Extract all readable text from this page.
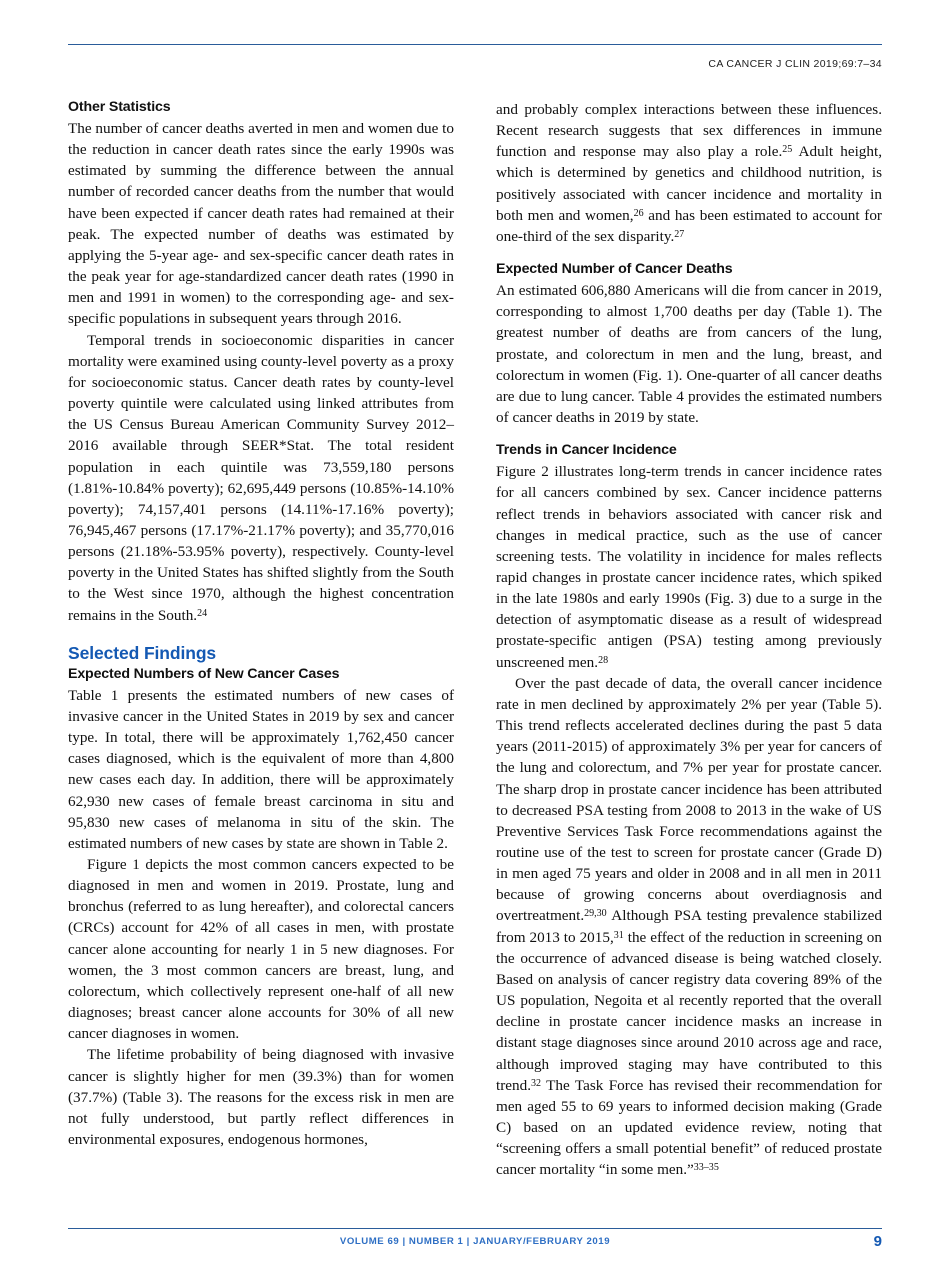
CA CANCER J CLIN 2019;69:7–34
Other Statistics

The number of cancer deaths averted in men and women due to the reduction in cancer death rates since the early 1990s was estimated by summing the difference between the annual number of recorded cancer deaths from the number that would have been expected if cancer death rates had remained at their peak. The expected number of deaths was estimated by applying the 5-year age- and sex-specific cancer death rates in the peak year for age-standardized cancer death rates (1990 in men and 1991 in women) to the corresponding age- and sex-specific populations in subsequent years through 2016.

Temporal trends in socioeconomic disparities in cancer mortality were examined using county-level poverty as a proxy for socioeconomic status. Cancer death rates by county-level poverty quintile were calculated using linked attributes from the US Census Bureau American Community Survey 2012–2016 available through SEER*Stat. The total resident population in each quintile was 73,559,180 persons (1.81%-10.84% poverty); 62,695,449 persons (10.85%-14.10% poverty); 74,157,401 persons (14.11%-17.16% poverty); 76,945,467 persons (17.17%-21.17% poverty); and 35,770,016 persons (21.18%-53.95% poverty), respectively. County-level poverty in the United States has shifted slightly from the South to the West since 1970, although the highest concentration remains in the South.$^{24}$

Selected Findings
Expected Numbers of New Cancer Cases

Table 1 presents the estimated numbers of new cases of invasive cancer in the United States in 2019 by sex and cancer type. In total, there will be approximately 1,762,450 cancer cases diagnosed, which is the equivalent of more than 4,800 new cases each day. In addition, there will be approximately 62,930 new cases of female breast carcinoma in situ and 95,830 new cases of melanoma in situ of the skin. The estimated numbers of new cases by state are shown in Table 2.

Figure 1 depicts the most common cancers expected to be diagnosed in men and women in 2019. Prostate, lung and bronchus (referred to as lung hereafter), and colorectal cancers (CRCs) account for 42% of all cases in men, with prostate cancer alone accounting for nearly 1 in 5 new diagnoses. For women, the 3 most common cancers are breast, lung, and colorectum, which collectively represent one-half of all new diagnoses; breast cancer alone accounts for 30% of all new cancer diagnoses in women.

The lifetime probability of being diagnosed with invasive cancer is slightly higher for men (39.3%) than for women (37.7%) (Table 3). The reasons for the excess risk in men are not fully understood, but partly reflect differences in environmental exposures, endogenous hormones,

and probably complex interactions between these influences. Recent research suggests that sex differences in immune function and response may also play a role.$^{25}$ Adult height, which is determined by genetics and childhood nutrition, is positively associated with cancer incidence and mortality in both men and women,$^{26}$ and has been estimated to account for one-third of the sex disparity.$^{27}$

Expected Number of Cancer Deaths

An estimated 606,880 Americans will die from cancer in 2019, corresponding to almost 1,700 deaths per day (Table 1). The greatest number of deaths are from cancers of the lung, prostate, and colorectum in men and the lung, breast, and colorectum in women (Fig. 1). One-quarter of all cancer deaths are due to lung cancer. Table 4 provides the estimated numbers of cancer deaths in 2019 by state.

Trends in Cancer Incidence

Figure 2 illustrates long-term trends in cancer incidence rates for all cancers combined by sex. Cancer incidence patterns reflect trends in behaviors associated with cancer risk and changes in medical practice, such as the use of cancer screening tests. The volatility in incidence for males reflects rapid changes in prostate cancer incidence rates, which spiked in the late 1980s and early 1990s (Fig. 3) due to a surge in the detection of asymptomatic disease as a result of widespread prostate-specific antigen (PSA) testing among previously unscreened men.$^{28}$

Over the past decade of data, the overall cancer incidence rate in men declined by approximately 2% per year (Table 5). This trend reflects accelerated declines during the past 5 data years (2011-2015) of approximately 3% per year for cancers of the lung and colorectum, and 7% per year for prostate cancer. The sharp drop in prostate cancer incidence has been attributed to decreased PSA testing from 2008 to 2013 in the wake of US Preventive Services Task Force recommendations against the routine use of the test to screen for prostate cancer (Grade D) in men aged 75 years and older in 2008 and in all men in 2011 because of growing concerns about overdiagnosis and overtreatment.$^{29,30}$ Although PSA testing prevalence stabilized from 2013 to 2015,31 the effect of the reduction in screening on the occurrence of advanced disease is being watched closely. Based on analysis of cancer registry data covering 89% of the US population, Negoita et al recently reported that the overall decline in prostate cancer incidence masks an increase in distant stage diagnoses since around 2010 across age and race, although improved staging may have contributed to this trend.$^{32}$ The Task Force has revised their recommendation for men aged 55 to 69 years to informed decision making (Grade C) based on an updated evidence review, noting that “screening offers a small potential benefit” of reduced prostate cancer mortality “in some men.”$^{33-35}$

VOLUME 69 | NUMBER 1 | JANUARY/FEBRUARY 2019	9
